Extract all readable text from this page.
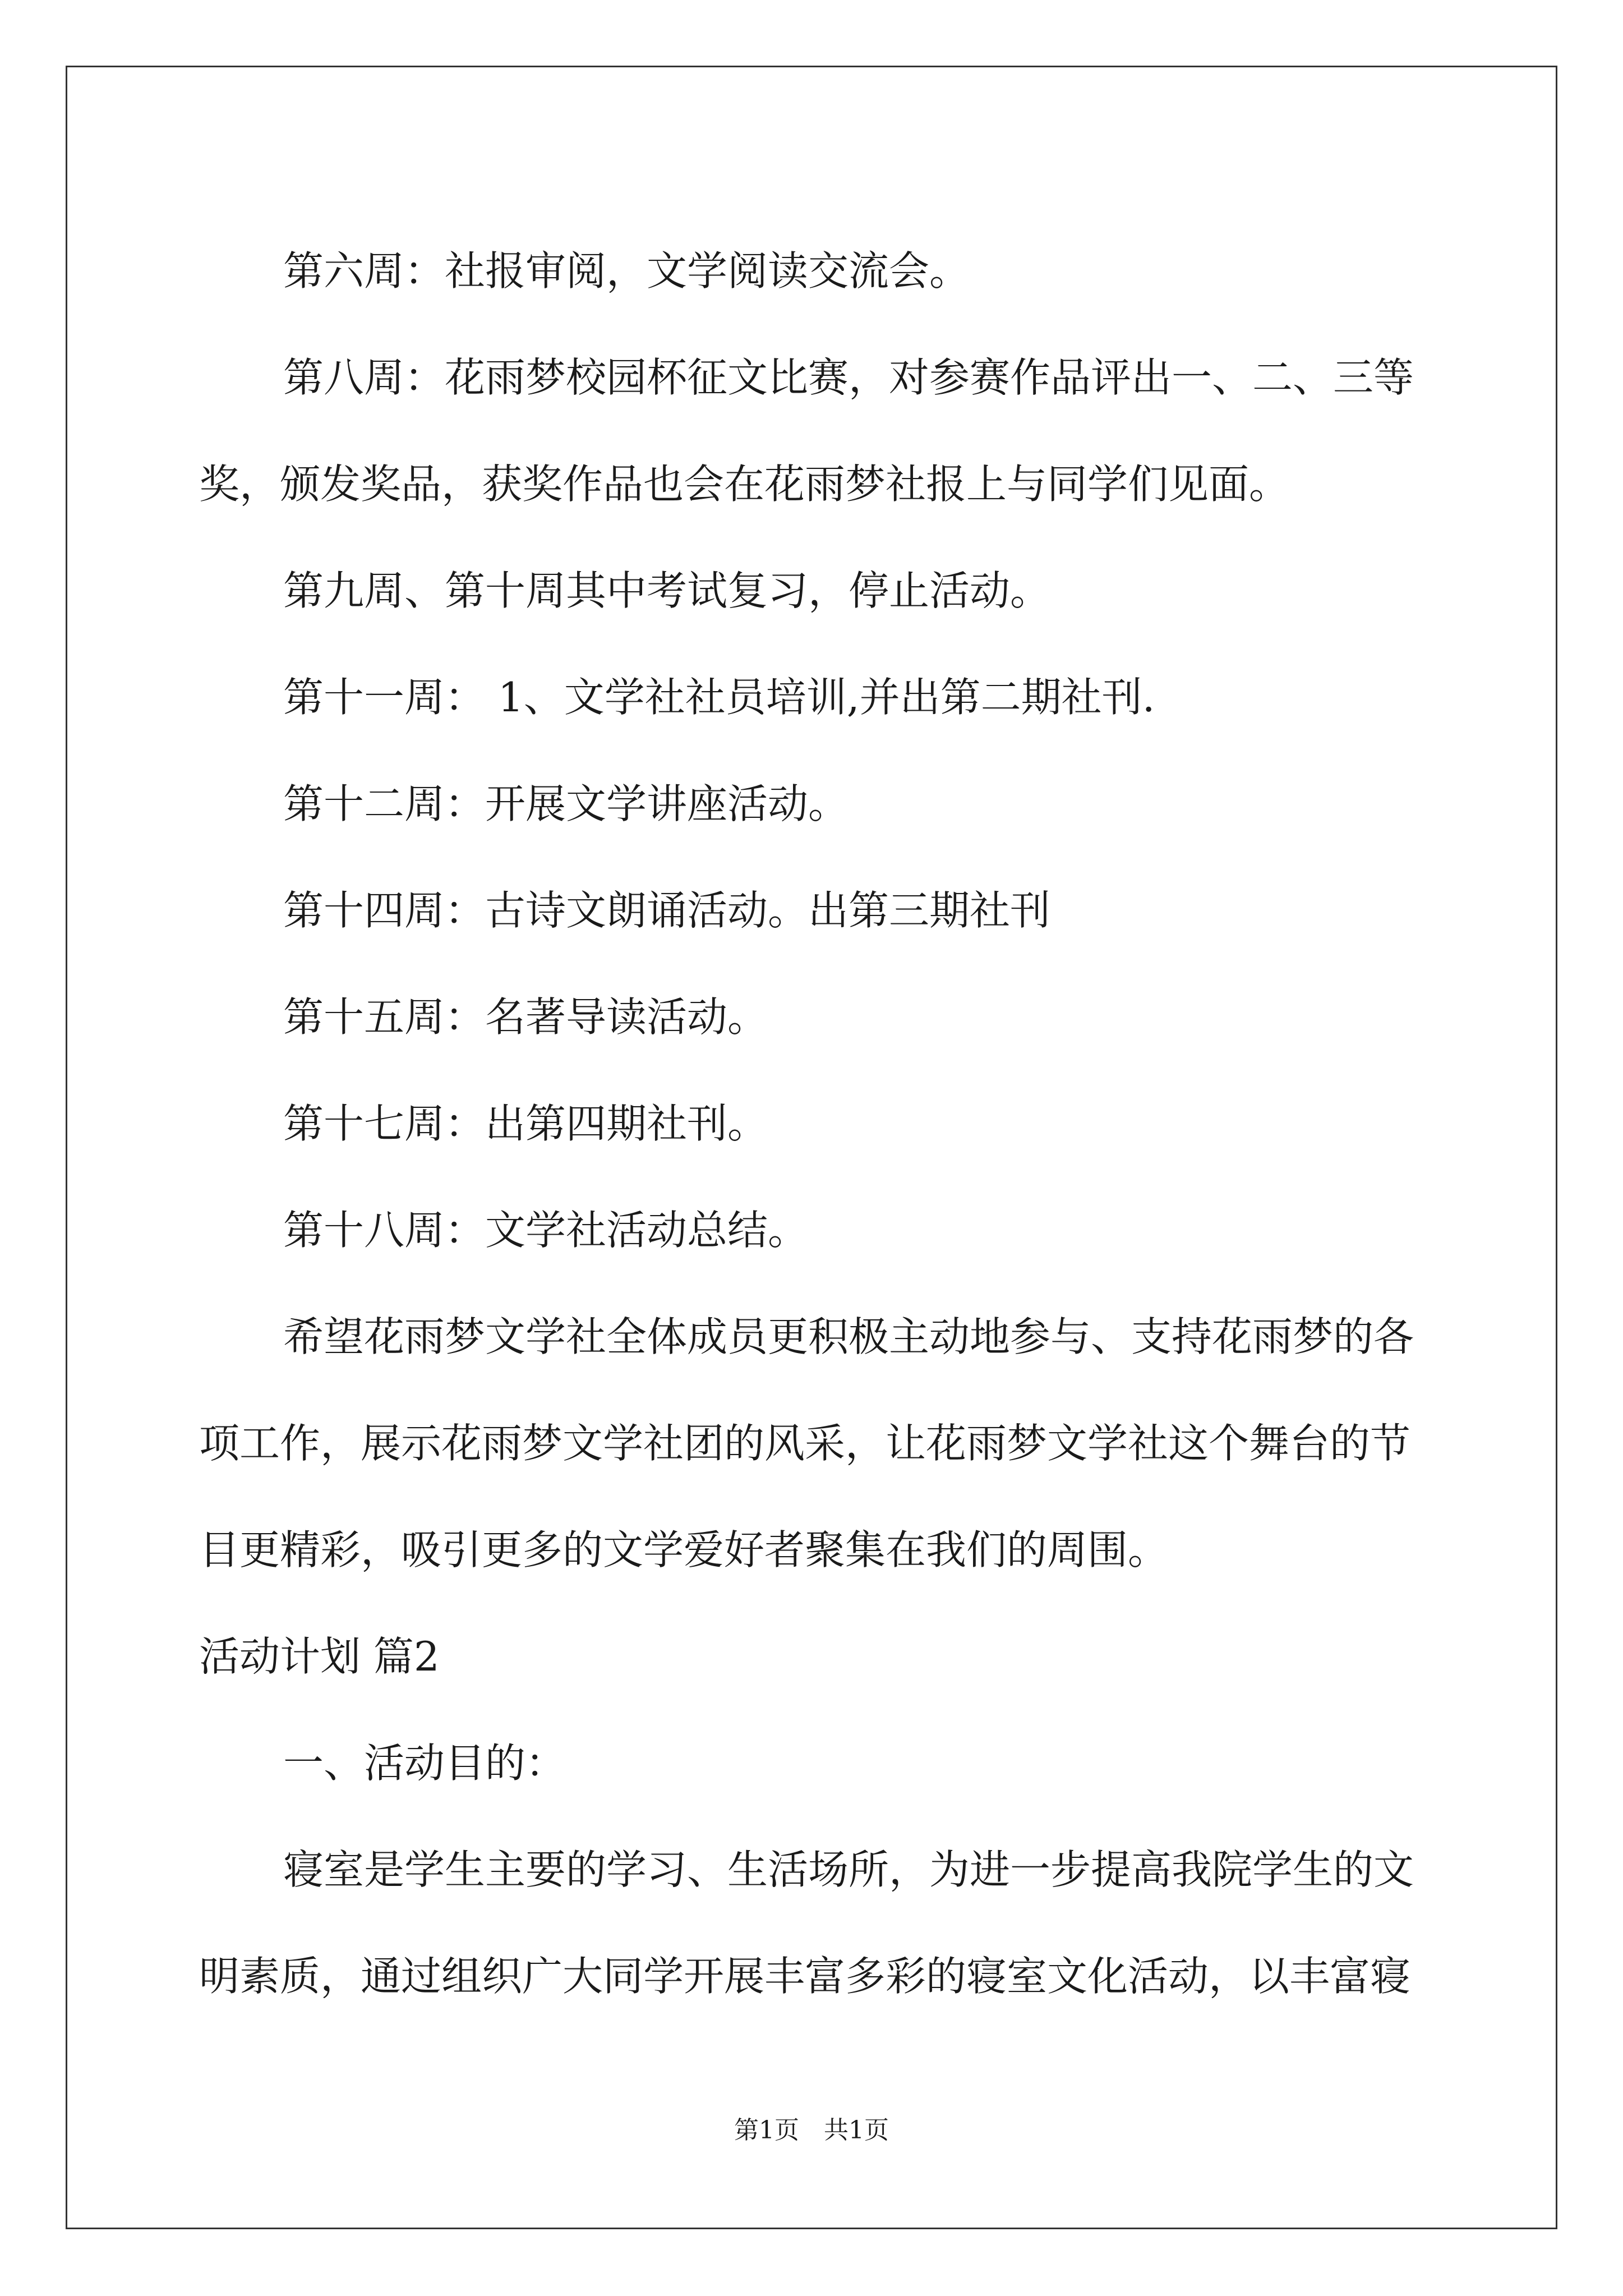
第六周：社报审阅，文学阅读交流会。

第八周：花雨梦校园杯征文比赛，对参赛作品评出一、二、三等

奖，颁发奖品，获奖作品也会在花雨梦社报上与同学们见面。

第九周、第十周其中考试复习，停止活动。

第十一周： 1、文学社社员培训,并出第二期社刊.

第十二周：开展文学讲座活动。

第十四周：古诗文朗诵活动。出第三期社刊

第十五周：名著导读活动。

第十七周：出第四期社刊。

第十八周：文学社活动总结。

希望花雨梦文学社全体成员更积极主动地参与、支持花雨梦的各

项工作，展示花雨梦文学社团的风采，让花雨梦文学社这个舞台的节

目更精彩，吸引更多的文学爱好者聚集在我们的周围。

活动计划 篇2

一、活动目的：

寝室是学生主要的学习、生活场所，为进一步提高我院学生的文

明素质，通过组织广大同学开展丰富多彩的寝室文化活动，以丰富寝

第1页　共1页
